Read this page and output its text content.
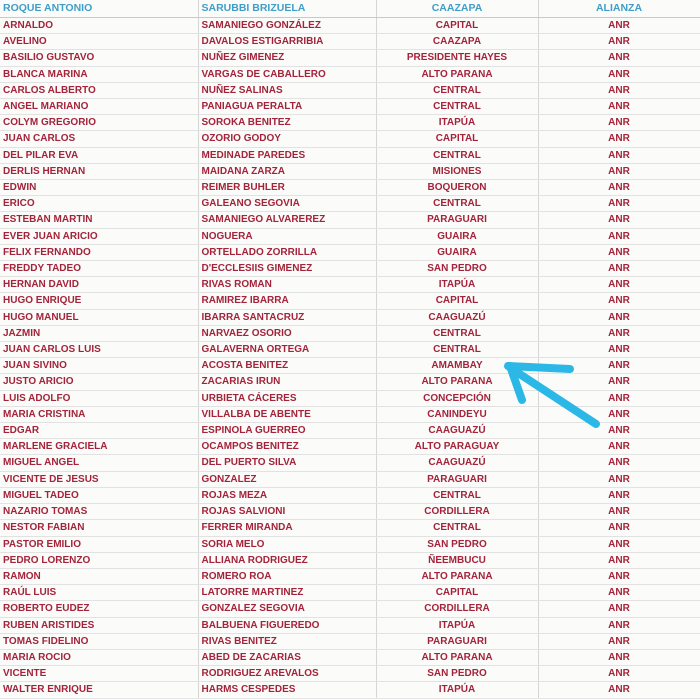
ROQUE ANTONIO	SARUBBI BRIZUELA	CAAZAPA	ALIANZA
ARNALDO	SAMANIEGO GONZÁLEZ	CAPITAL	ANR
AVELINO	DAVALOS ESTIGARRIBIA	CAAZAPA	ANR
BASILIO GUSTAVO	NUÑEZ GIMENEZ	PRESIDENTE HAYES	ANR
BLANCA MARINA	VARGAS DE CABALLERO	ALTO PARANA	ANR
CARLOS ALBERTO	NUÑEZ SALINAS	CENTRAL	ANR
ANGEL MARIANO	PANIAGUA PERALTA	CENTRAL	ANR
COLYM GREGORIO	SOROKA BENITEZ	ITAPÚA	ANR
JUAN CARLOS	OZORIO GODOY	CAPITAL	ANR
DEL PILAR EVA	MEDINADE PAREDES	CENTRAL	ANR
DERLIS HERNAN	MAIDANA ZARZA	MISIONES	ANR
EDWIN	REIMER BUHLER	BOQUERON	ANR
ERICO	GALEANO SEGOVIA	CENTRAL	ANR
ESTEBAN MARTIN	SAMANIEGO ALVAREREZ	PARAGUARI	ANR
EVER JUAN ARICIO	NOGUERA	GUAIRA	ANR
FELIX FERNANDO	ORTELLADO ZORRILLA	GUAIRA	ANR
FREDDY TADEO	D'ECCLESIIS GIMENEZ	SAN PEDRO	ANR
HERNAN DAVID	RIVAS ROMAN	ITAPÚA	ANR
HUGO ENRIQUE	RAMIREZ IBARRA	CAPITAL	ANR
HUGO MANUEL	IBARRA SANTACRUZ	CAAGUAZÚ	ANR
JAZMIN	NARVAEZ OSORIO	CENTRAL	ANR
JUAN CARLOS LUIS	GALAVERNA ORTEGA	CENTRAL	ANR
JUAN SIVINO	ACOSTA BENITEZ	AMAMBAY	ANR
JUSTO ARICIO	ZACARIAS IRUN	ALTO PARANA	ANR
LUIS ADOLFO	URBIETA CÁCERES	CONCEPCIÓN	ANR
MARIA CRISTINA	VILLALBA DE ABENTE	CANINDEYU	ANR
EDGAR	ESPINOLA GUERREO	CAAGUAZÚ	ANR
MARLENE GRACIELA	OCAMPOS BENITEZ	ALTO PARAGUAY	ANR
MIGUEL ANGEL	DEL PUERTO SILVA	CAAGUAZÚ	ANR
VICENTE DE JESUS	GONZALEZ	PARAGUARI	ANR
MIGUEL TADEO	ROJAS MEZA	CENTRAL	ANR
NAZARIO TOMAS	ROJAS SALVIONI	CORDILLERA	ANR
NESTOR FABIAN	FERRER MIRANDA	CENTRAL	ANR
PASTOR EMILIO	SORIA MELO	SAN PEDRO	ANR
PEDRO LORENZO	ALLIANA RODRIGUEZ	ÑEEMBUCU	ANR
RAMON	ROMERO ROA	ALTO PARANA	ANR
RAÚL LUIS	LATORRE MARTINEZ	CAPITAL	ANR
ROBERTO EUDEZ	GONZALEZ SEGOVIA	CORDILLERA	ANR
RUBEN ARISTIDES	BALBUENA FIGUEREDO	ITAPÚA	ANR
TOMAS FIDELINO	RIVAS BENITEZ	PARAGUARI	ANR
MARIA ROCIO	ABED DE ZACARIAS	ALTO PARANA	ANR
VICENTE	RODRIGUEZ AREVALOS	SAN PEDRO	ANR
WALTER ENRIQUE	HARMS CESPEDES	ITAPÚA	ANR
